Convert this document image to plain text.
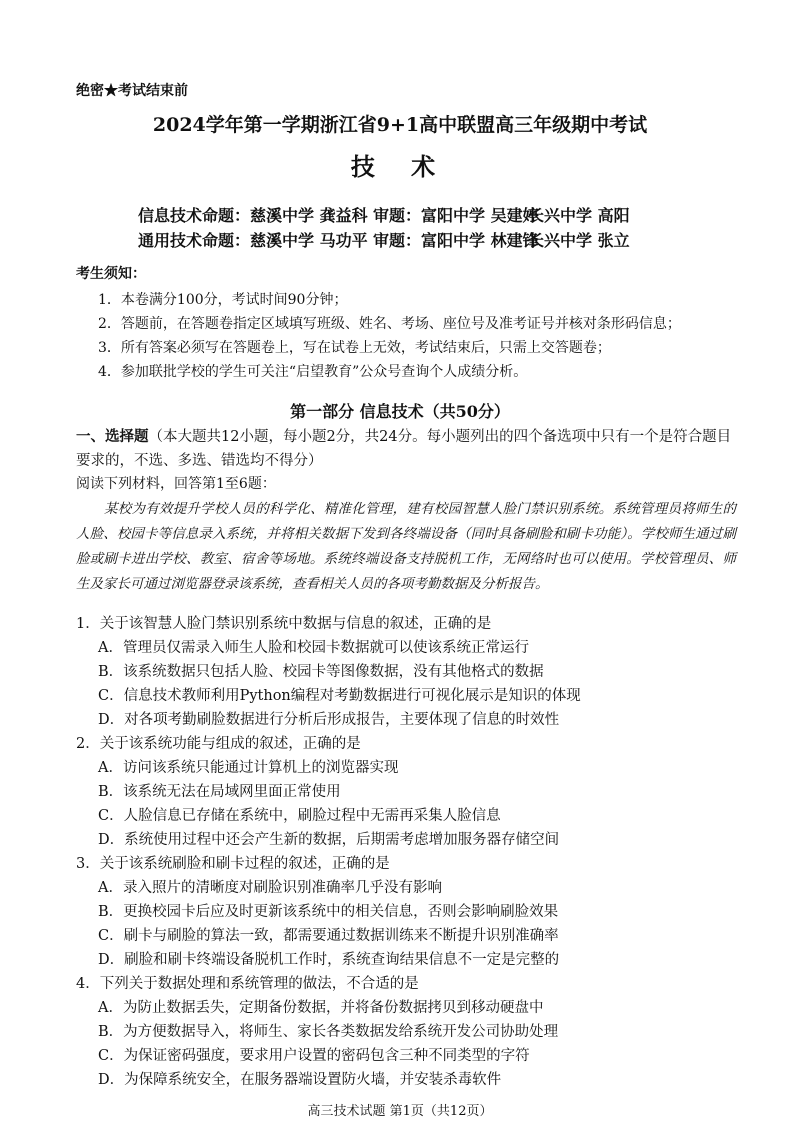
绝密★考试结束前
2024学年第一学期浙江省9+1高中联盟高三年级期中考试
技 术
信息技术命题：慈溪中学 龚益科 审题：富阳中学 吴建婷长兴中学 高阳
通用技术命题：慈溪中学 马功平 审题：富阳中学 林建锋长兴中学 张立
考生须知：
1．本卷满分100分，考试时间90分钟；
2．答题前，在答题卷指定区域填写班级、姓名、考场、座位号及准考证号并核对条形码信息；
3．所有答案必须写在答题卷上，写在试卷上无效，考试结束后，只需上交答题卷；
4．参加联批学校的学生可关注“启望教育”公众号查询个人成绩分析。
第一部分 信息技术（共50分）
一、选择题（本大题共12小题，每小题2分，共24分。每小题列出的四个备选项中只有一个是符合题目要求的，不选、多选、错选均不得分）
阅读下列材料，回答第1至6题：
某校为有效提升学校人员的科学化、精准化管理，建有校园智慧人脸门禁识别系统。系统管理员将师生的人脸、校园卡等信息录入系统，并将相关数据下发到各终端设备（同时具备刷脸和刷卡功能）。学校师生通过刷脸或刷卡进出学校、教室、宿舍等场地。系统终端设备支持脱机工作，无网络时也可以使用。学校管理员、师生及家长可通过浏览器登录该系统，查看相关人员的各项考勤数据及分析报告。
1．关于该智慧人脸门禁识别系统中数据与信息的叙述，正确的是
A．管理员仅需录入师生人脸和校园卡数据就可以使该系统正常运行
B．该系统数据只包括人脸、校园卡等图像数据，没有其他格式的数据
C．信息技术教师利用Python编程对考勤数据进行可视化展示是知识的体现
D．对各项考勤刷脸数据进行分析后形成报告，主要体现了信息的时效性
2．关于该系统功能与组成的叙述，正确的是
A．访问该系统只能通过计算机上的浏览器实现
B．该系统无法在局域网里面正常使用
C．人脸信息已存储在系统中，刷脸过程中无需再采集人脸信息
D．系统使用过程中还会产生新的数据，后期需考虑增加服务器存储空间
3．关于该系统刷脸和刷卡过程的叙述，正确的是
A．录入照片的清晰度对刷脸识别准确率几乎没有影响
B．更换校园卡后应及时更新该系统中的相关信息，否则会影响刷脸效果
C．刷卡与刷脸的算法一致，都需要通过数据训练来不断提升识别准确率
D．刷脸和刷卡终端设备脱机工作时，系统查询结果信息不一定是完整的
4．下列关于数据处理和系统管理的做法，不合适的是
A．为防止数据丢失，定期备份数据，并将备份数据拷贝到移动硬盘中
B．为方便数据导入，将师生、家长各类数据发给系统开发公司协助处理
C．为保证密码强度，要求用户设置的密码包含三种不同类型的字符
D．为保障系统安全，在服务器端设置防火墙，并安装杀毒软件
高三技术试题 第1页（共12页）
